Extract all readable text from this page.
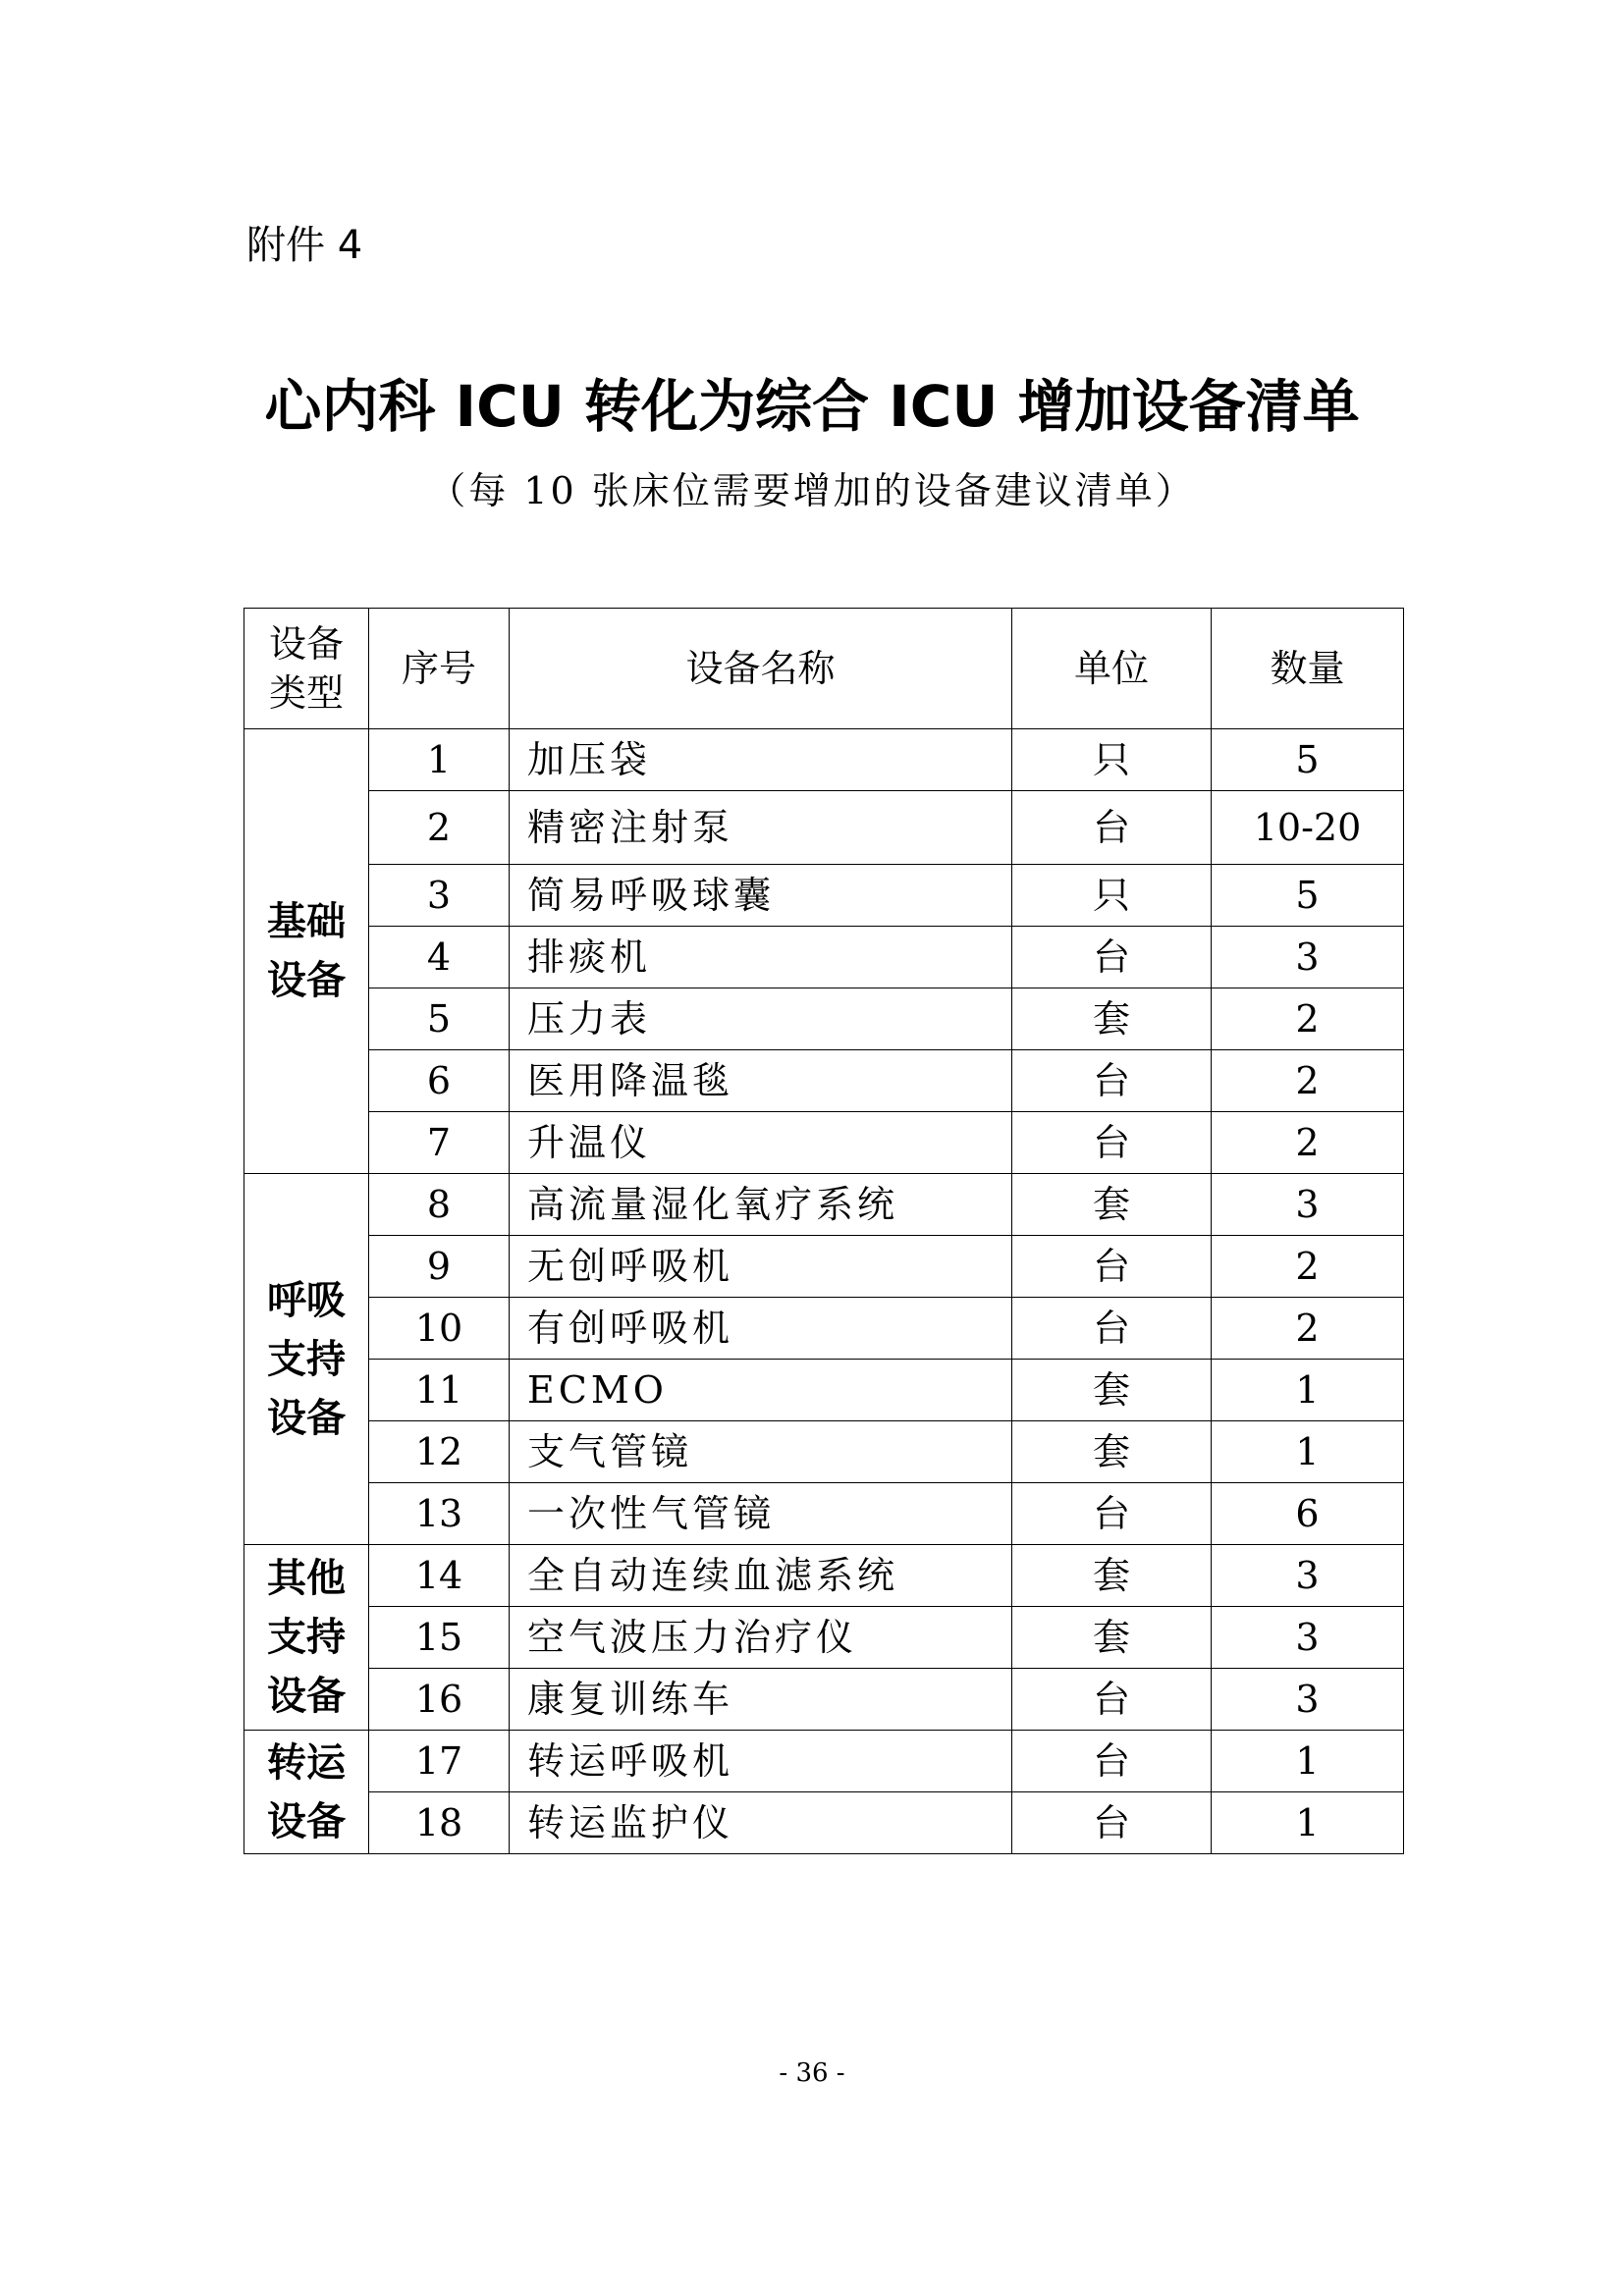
附件 4
心内科 ICU 转化为综合 ICU 增加设备清单
（每 10 张床位需要增加的设备建议清单）
设备类型	序号	设备名称	单位	数量
基础设备	1	加压袋	只	5
	2	精密注射泵	台	10-20
	3	简易呼吸球囊	只	5
	4	排痰机	台	3
	5	压力表	套	2
	6	医用降温毯	台	2
	7	升温仪	台	2
呼吸支持设备	8	高流量湿化氧疗系统	套	3
	9	无创呼吸机	台	2
	10	有创呼吸机	台	2
	11	ECMO	套	1
	12	支气管镜	套	1
	13	一次性气管镜	台	6
其他支持设备	14	全自动连续血滤系统	套	3
	15	空气波压力治疗仪	套	3
	16	康复训练车	台	3
转运设备	17	转运呼吸机	台	1
	18	转运监护仪	台	1
- 36 -
